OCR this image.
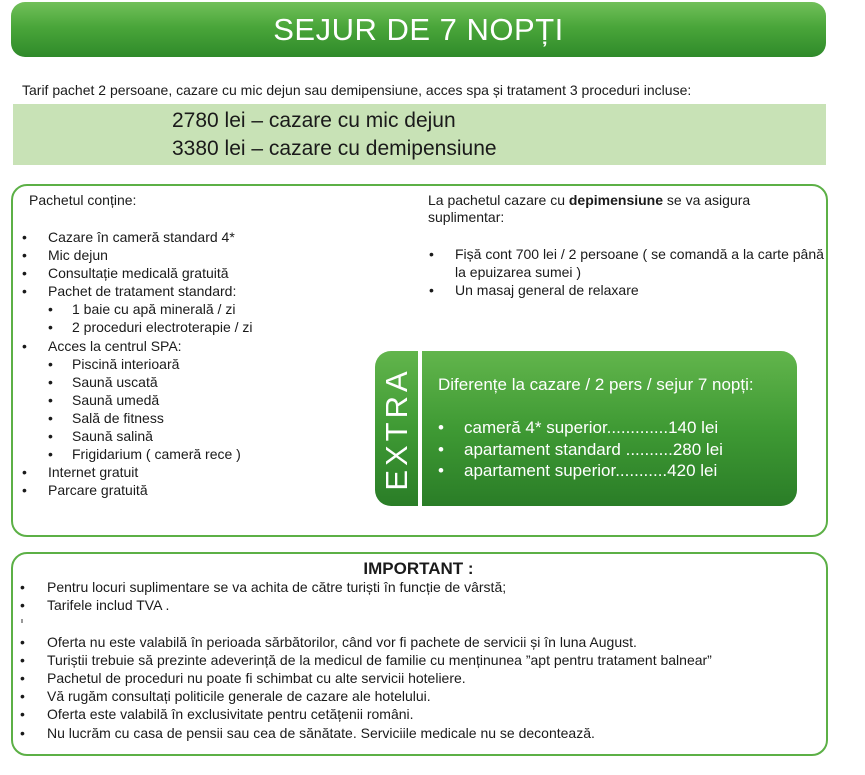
SEJUR DE 7 NOPȚI
Tarif pachet 2 persoane, cazare cu mic dejun sau demipensiune, acces spa și tratament 3 proceduri incluse:
2780 lei – cazare cu mic dejun
3380 lei – cazare cu demipensiune
Pachetul conține:
• Cazare în cameră standard 4*
• Mic dejun
• Consultație medicală gratuită
• Pachet de tratament standard:
• 1 baie cu apă minerală / zi
• 2 proceduri electroterapie / zi
• Acces la centrul SPA:
• Piscină interioară
• Saună uscată
• Saună umedă
• Sală de fitness
• Saună salină
• Frigidarium ( cameră rece )
• Internet gratuit
• Parcare gratuită
La pachetul cazare cu depimensiune se va asigura suplimentar:
• Fișă cont 700 lei / 2 persoane ( se comandă a la carte până la epuizarea sumei )
• Un masaj general de relaxare
EXTRA Diferențe la cazare / 2 pers / sejur 7 nopți:
• cameră 4* superior.............140 lei
• apartament standard ..........280 lei
• apartament superior...........420 lei
IMPORTANT :
• Pentru locuri suplimentare se va achita de către turiști în funcție de vârstă;
• Tarifele includ TVA .
• Oferta nu este valabilă în perioada sărbătorilor, când vor fi pachete de servicii și în luna August.
• Turiștii trebuie să prezinte adeverință de la medicul de familie cu menținunea ”apt pentru tratament balnear”
• Pachetul de proceduri nu poate fi schimbat cu alte servicii hoteliere.
• Vă rugăm consultați politicile generale de cazare ale hotelului.
• Oferta este valabilă în exclusivitate pentru cetățenii români.
• Nu lucrăm cu casa de pensii sau cea de sănătate. Serviciile medicale nu se decontează.
